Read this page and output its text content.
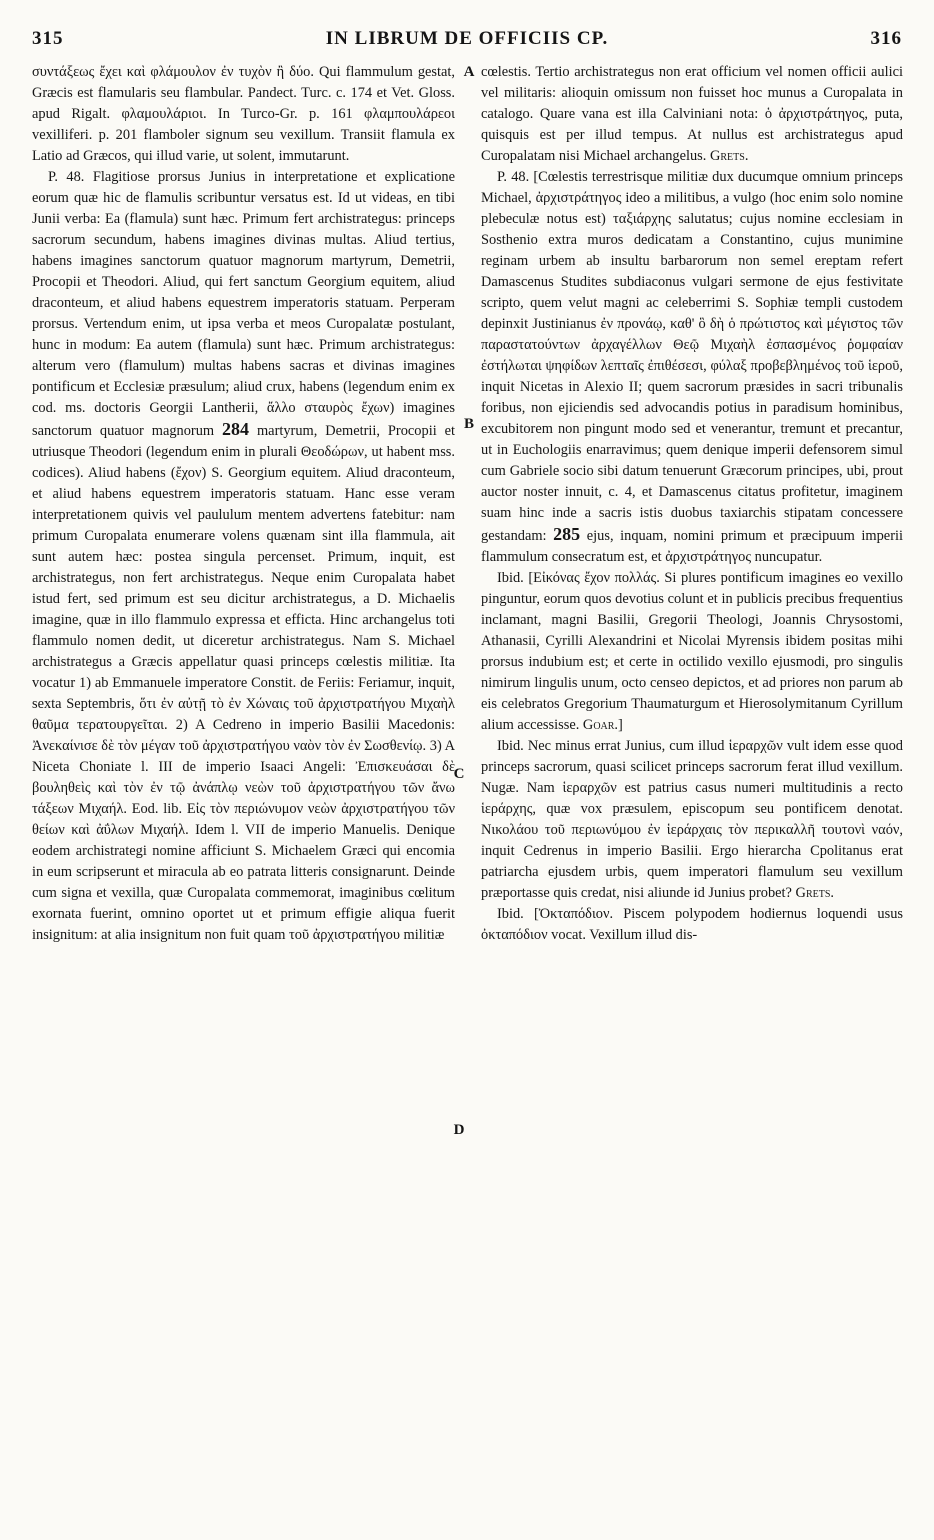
315	IN LIBRUM DE OFFICIIS CP.	316
A
B
C
D

συντάξεως ἔχει καὶ φλάμουλον ἐν τυχὸν ἢ δύο. Qui flammulum gestat, Græcis est flamularis seu flambular. Pandect. Turc. c. 174 et Vet. Gloss. apud Rigalt. φλαμουλάριοι. In Turco-Gr. p. 161 φλαμπουλάρεοι vexilliferi. p. 201 flamboler signum seu vexillum. Transiit flamula ex Latio ad Græcos, qui illud varie, ut solent, immutarunt.

P. 48. Flagitiose prorsus Junius in interpretatione et explicatione eorum quæ hic de flamulis scribuntur versatus est. Id ut videas, en tibi Junii verba: Ea (flamula) sunt hæc. Primum fert archistrategus: princeps sacrorum secundum, habens imagines divinas multas. Aliud tertius, habens imagines sanctorum quatuor magnorum martyrum, Demetrii, Procopii et Theodori. Aliud, qui fert sanctum Georgium equitem, aliud draconteum, et aliud habens equestrem imperatoris statuam. Perperam prorsus. Vertendum enim, ut ipsa verba et meos Curopalatæ postulant, hunc in modum: Ea autem (flamula) sunt hæc. Primum archistrategus: alterum vero (flamulum) multas habens sacras et divinas imagines pontificum et Ecclesiæ præsulum; aliud crux, habens (legendum enim ex cod. ms. doctoris Georgii Lantherii, ἄλλο σταυρὸς ἔχων) imagines sanctorum quatuor magnorum 284 martyrum, Demetrii, Procopii et utriusque Theodori (legendum enim in plurali Θεοδώρων, ut habent mss. codices). Aliud habens (ἔχον) S. Georgium equitem. Aliud draconteum, et aliud habens equestrem imperatoris statuam. Hanc esse veram interpretationem quivis vel paululum mentem advertens fatebitur: nam primum Curopalata enumerare volens quænam sint illa flammula, ait sunt autem hæc: postea singula percenset. Primum, inquit, est archistrategus, non fert archistrategus. Neque enim Curopalata habet istud fert, sed primum est seu dicitur archistrategus, a D. Michaelis imagine, quæ in illo flammulo expressa et efficta. Hinc archangelus toti flammulo nomen dedit, ut diceretur archistrategus. Nam S. Michael archistrategus a Græcis appellatur quasi princeps cœlestis militiæ. Ita vocatur 1) ab Emmanuele imperatore Constit. de Feriis: Feriamur, inquit, sexta Septembris, ὅτι ἐν αὐτῇ τὸ ἐν Χώναις τοῦ ἀρχιστρατήγου Μιχαὴλ θαῦμα τερατουργεῖται. 2) A Cedreno in imperio Basilii Macedonis: Ἀνεκαίνισε δὲ τὸν μέγαν τοῦ ἀρχιστρατήγου ναὸν τὸν ἐν Σωσθενίῳ. 3) A Niceta Choniate l. III de imperio Isaaci Angeli: Ἐπισκευάσαι δὲ βουληθεὶς καὶ τὸν ἐν τῷ ἀνάπλῳ νεὼν τοῦ ἀρχιστρατήγου τῶν ἄνω τάξεων Μιχαήλ. Eod. lib. Εἰς τὸν περιώνυμον νεὼν ἀρχιστρατήγου τῶν θείων καὶ ἀΰλων Μιχαήλ. Idem l. VII de imperio Manuelis. Denique eodem archistrategi nomine afficiunt S. Michaelem Græci qui encomia in eum scripserunt et miracula ab eo patrata litteris consignarunt. Deinde cum signa et vexilla, quæ Curopalata commemorat, imaginibus cœlitum exornata fuerint, omnino oportet ut et primum effigie aliqua fuerit insignitum: at alia insignitum non fuit quam τοῦ ἀρχιστρατήγου militiæ

cœlestis. Tertio archistrategus non erat officium vel nomen officii aulici vel militaris: alioquin omissum non fuisset hoc munus a Curopalata in catalogo. Quare vana est illa Calviniani nota: ὁ ἀρχιστράτηγος, puta, quisquis est per illud tempus. At nullus est archistrategus apud Curopalatam nisi Michael archangelus. Grets.

P. 48. [Cœlestis terrestrisque militiæ dux ducumque omnium princeps Michael, ἀρχιστράτηγος ideo a militibus, a vulgo (hoc enim solo nomine plebeculæ notus est) ταξιάρχης salutatus; cujus nomine ecclesiam in Sosthenio extra muros dedicatam a Constantino, cujus munimine reginam urbem ab insultu barbarorum non semel ereptam refert Damascenus Studites subdiaconus vulgari sermone de ejus festivitate scripto, quem velut magni ac celeberrimi S. Sophiæ templi custodem depinxit Justinianus ἐν προνάῳ, καθ' ὃ δὴ ὁ πρώτιστος καὶ μέγιστος τῶν παραστατούντων ἀρχαγέλλων Θεῷ Μιχαὴλ ἐσπασμένος ῥομφαίαν ἐστήλωται ψηφίδων λεπταῖς ἐπιθέσεσι, φύλαξ προβεβλημένος τοῦ ἱεροῦ, inquit Nicetas in Alexio II; quem sacrorum præsides in sacri tribunalis foribus, non ejiciendis sed advocandis potius in paradisum hominibus, excubitorem non pingunt modo sed et venerantur, tremunt et precantur, ut in Euchologiis enarravimus; quem denique imperii defensorem simul cum Gabriele socio sibi datum tenuerunt Græcorum principes, ubi, prout auctor noster innuit, c. 4, et Damascenus citatus profitetur, imaginem suam hinc inde a sacris istis duobus taxiarchis stipatam concessere gestandam: 285 ejus, inquam, nomini primum et præcipuum imperii flammulum consecratum est, et ἀρχιστράτηγος nuncupatur.

Ibid. [Εἰκόνας ἔχον πολλάς. Si plures pontificum imagines eo vexillo pinguntur, eorum quos devotius colunt et in publicis precibus frequentius inclamant, magni Basilii, Gregorii Theologi, Joannis Chrysostomi, Athanasii, Cyrilli Alexandrini et Nicolai Myrensis ibidem positas mihi prorsus indubium est; et certe in octilido vexillo ejusmodi, pro singulis nimirum lingulis unum, octo censeo depictos, et ad priores non parum ab eis celebratos Gregorium Thaumaturgum et Hierosolymitanum Cyrillum alium accessisse. Goar.]

Ibid. Nec minus errat Junius, cum illud ἱεραρχῶν vult idem esse quod princeps sacrorum, quasi scilicet princeps sacrorum ferat illud vexillum. Nugæ. Nam ἱεραρχῶν est patrius casus numeri multitudinis a recto ἱεράρχης, quæ vox præsulem, episcopum seu pontificem denotat. Νικολάου τοῦ περιωνύμου ἐν ἱεράρχαις τὸν περικαλλῆ τουτονὶ ναόν, inquit Cedrenus in imperio Basilii. Ergo hierarcha Cpolitanus erat patriarcha ejusdem urbis, quem imperatori flamulum seu vexillum præportasse quis credat, nisi aliunde id Junius probet? Grets.

Ibid. [Ὀκταπόδιον. Piscem polypodem hodiernus loquendi usus ὀκταπόδιον vocat. Vexillum illud dis-
